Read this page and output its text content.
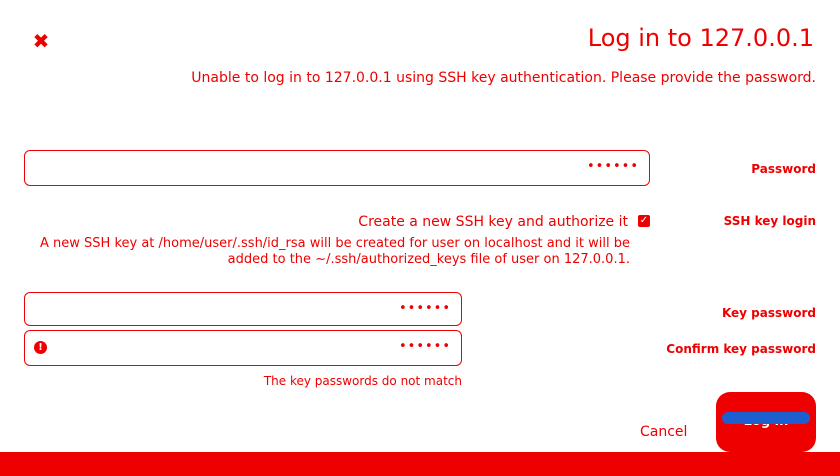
✖	Log in to 127.0.0.1
Unable to log in to 127.0.0.1 using SSH key authentication. Please provide the password.
Password
••••••
SSH key login
✓
Create a new SSH key and authorize it
A new SSH key at /home/user/.ssh/id_rsa will be created for user on localhost and it will be added to the ~/.ssh/authorized_keys file of user on 127.0.0.1.
Key password
••••••
Confirm key password
••••••
!
The key passwords do not match
Cancel
